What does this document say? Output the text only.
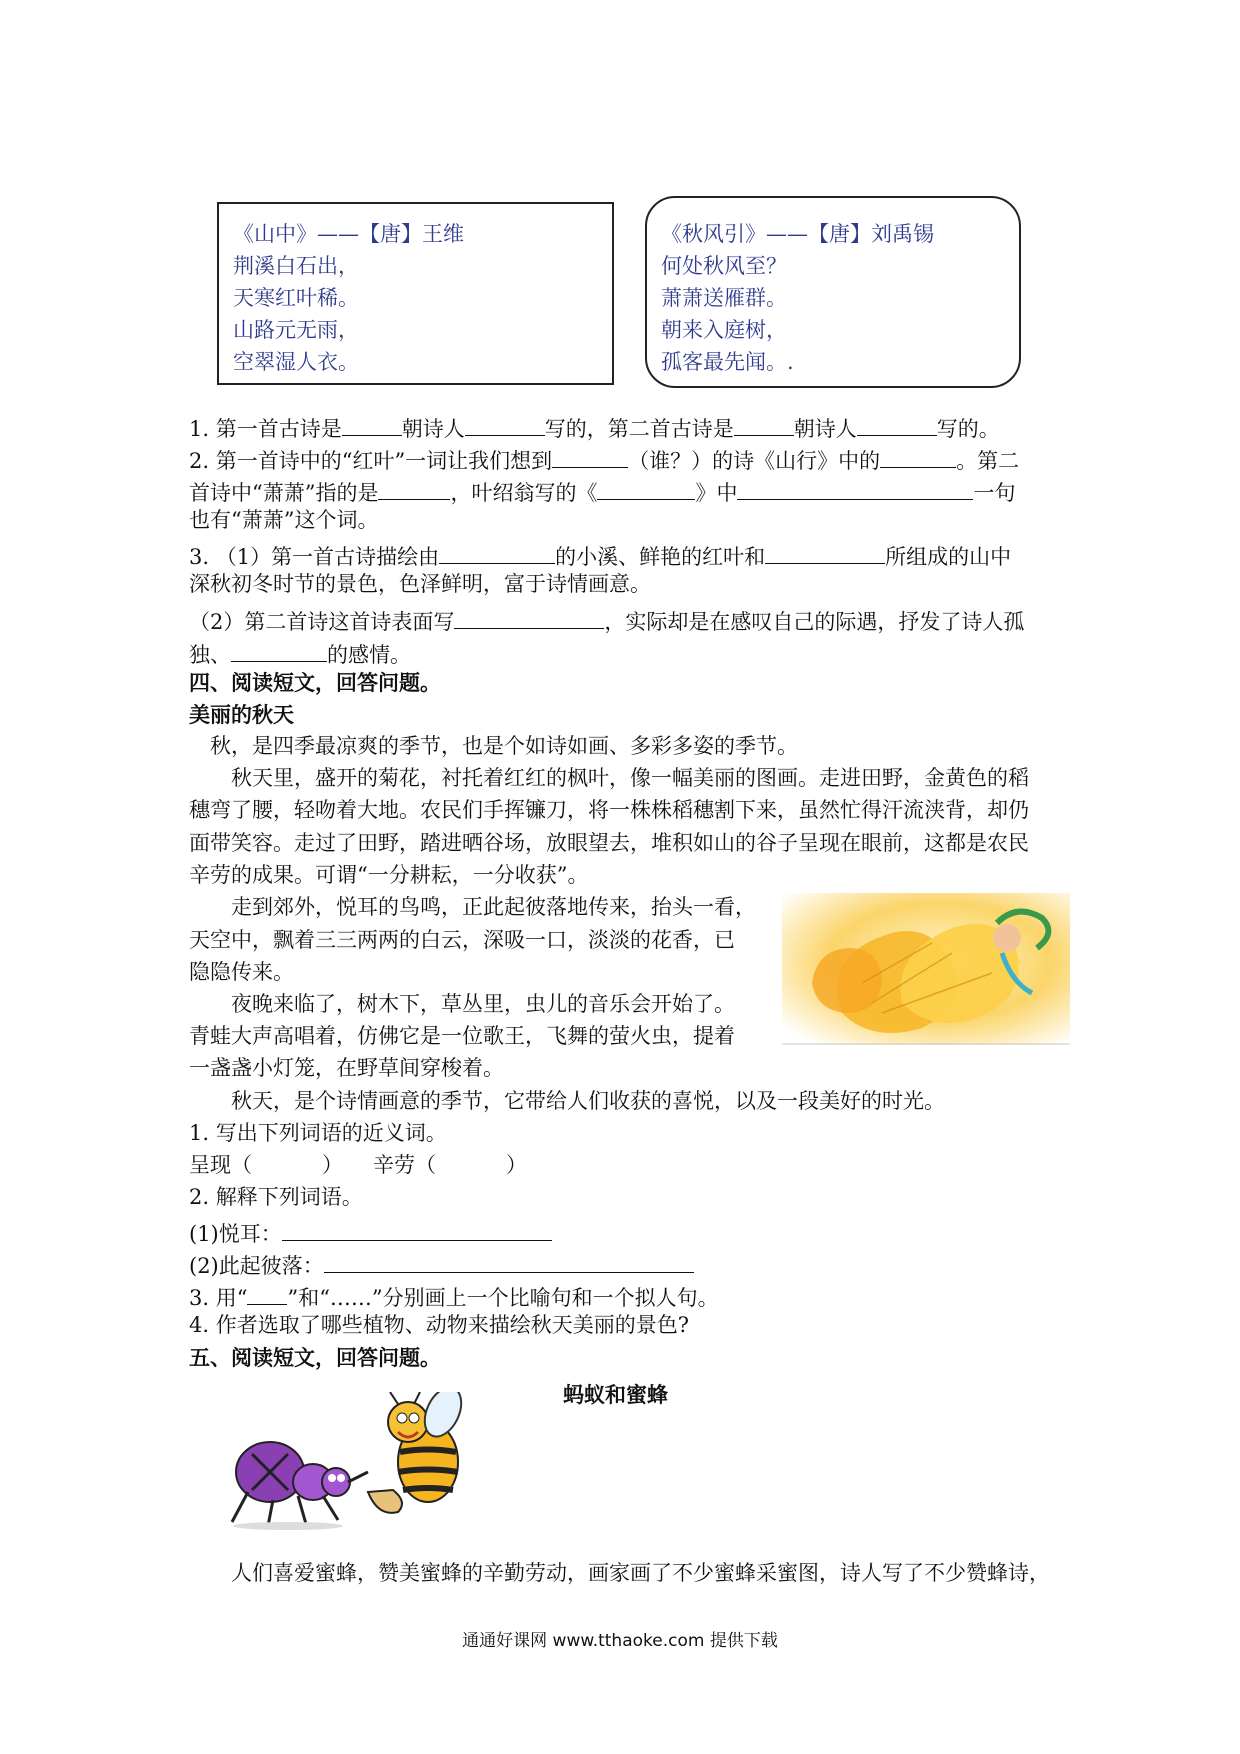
《山中》——【唐】王维
荆溪白石出，
天寒红叶稀。
山路元无雨，
空翠湿人衣。
《秋风引》——【唐】刘禹锡
何处秋风至？
萧萧送雁群。
朝来入庭树，
孤客最先闻。.
1. 第一首古诗是	朝诗人	写的，第二首古诗是	朝诗人	写的。
2. 第一首诗中的“红叶”一词让我们想到	（谁？）的诗《山行》中的	。第二
首诗中“萧萧”指的是	，叶绍翁写的《	》中	一句
也有“萧萧”这个词。
3. （1）第一首古诗描绘由	的小溪、鲜艳的红叶和	所组成的山中
深秋初冬时节的景色，色泽鲜明，富于诗情画意。
（2）第二首诗这首诗表面写	，实际却是在感叹自己的际遇，抒发了诗人孤
独、	的感情。
四、阅读短文，回答问题。
美丽的秋天
秋，是四季最凉爽的季节，也是个如诗如画、多彩多姿的季节。
秋天里，盛开的菊花，衬托着红红的枫叶，像一幅美丽的图画。走进田野，金黄色的稻
穗弯了腰，轻吻着大地。农民们手挥镰刀，将一株株稻穗割下来，虽然忙得汗流浃背，却仍
面带笑容。走过了田野，踏进晒谷场，放眼望去，堆积如山的谷子呈现在眼前，这都是农民
辛劳的成果。可谓“一分耕耘，一分收获”。
走到郊外，悦耳的鸟鸣，正此起彼落地传来，抬头一看，
天空中，飘着三三两两的白云，深吸一口，淡淡的花香，已
隐隐传来。
夜晚来临了，树木下，草丛里，虫儿的音乐会开始了。
青蛙大声高唱着，仿佛它是一位歌王，飞舞的萤火虫，提着
一盏盏小灯笼，在野草间穿梭着。
秋天，是个诗情画意的季节，它带给人们收获的喜悦，以及一段美好的时光。
1. 写出下列词语的近义词。
呈现（	） 辛劳（	）
2. 解释下列词语。
(1)悦耳：
(2)此起彼落：
3. 用“ ”和“……”分别画上一个比喻句和一个拟人句。
4. 作者选取了哪些植物、动物来描绘秋天美丽的景色?
五、阅读短文，回答问题。
蚂蚁和蜜蜂
人们喜爱蜜蜂，赞美蜜蜂的辛勤劳动，画家画了不少蜜蜂采蜜图，诗人写了不少赞蜂诗，
通通好课网 www.tthaoke.com 提供下载
